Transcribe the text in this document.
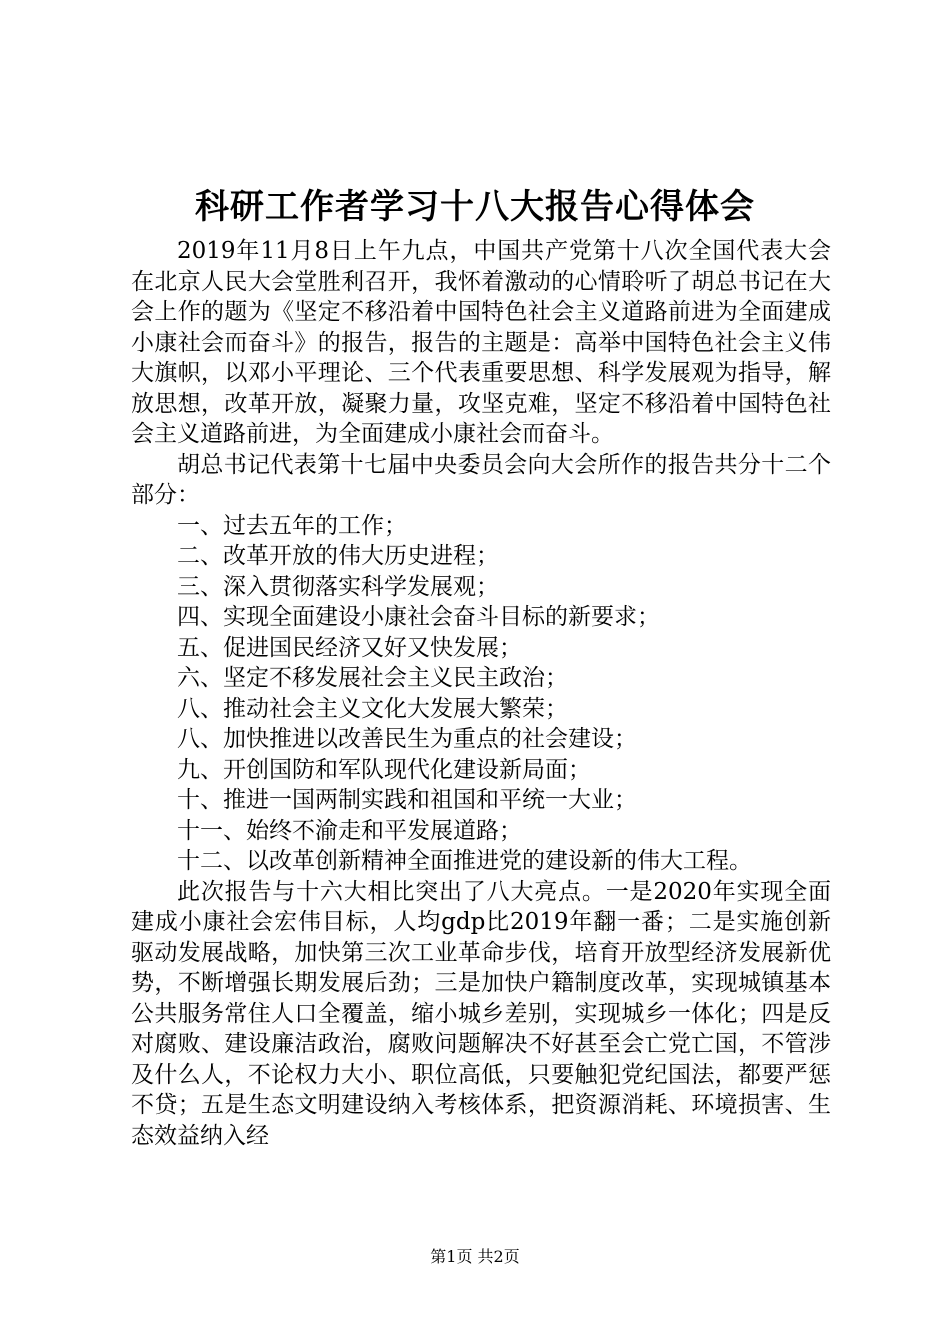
科研工作者学习十八大报告心得体会

2019年11月8日上午九点，中国共产党第十八次全国代表大会在北京人民大会堂胜利召开，我怀着激动的心情聆听了胡总书记在大会上作的题为《坚定不移沿着中国特色社会主义道路前进为全面建成小康社会而奋斗》的报告，报告的主题是：高举中国特色社会主义伟大旗帜，以邓小平理论、三个代表重要思想、科学发展观为指导，解放思想，改革开放，凝聚力量，攻坚克难，坚定不移沿着中国特色社会主义道路前进，为全面建成小康社会而奋斗。

胡总书记代表第十七届中央委员会向大会所作的报告共分十二个部分：

一、过去五年的工作；
二、改革开放的伟大历史进程；
三、深入贯彻落实科学发展观；
四、实现全面建设小康社会奋斗目标的新要求；
五、促进国民经济又好又快发展；
六、坚定不移发展社会主义民主政治；
八、推动社会主义文化大发展大繁荣；
八、加快推进以改善民生为重点的社会建设；
九、开创国防和军队现代化建设新局面；
十、推进一国两制实践和祖国和平统一大业；
十一、始终不渝走和平发展道路；
十二、以改革创新精神全面推进党的建设新的伟大工程。

此次报告与十六大相比突出了八大亮点。一是2020年实现全面建成小康社会宏伟目标，人均gdp比2019年翻一番；二是实施创新驱动发展战略，加快第三次工业革命步伐，培育开放型经济发展新优势，不断增强长期发展后劲；三是加快户籍制度改革，实现城镇基本公共服务常住人口全覆盖，缩小城乡差别，实现城乡一体化；四是反对腐败、建设廉洁政治，腐败问题解决不好甚至会亡党亡国，不管涉及什么人，不论权力大小、职位高低，只要触犯党纪国法，都要严惩不贷；五是生态文明建设纳入考核体系，把资源消耗、环境损害、生态效益纳入经

第1页 共2页
